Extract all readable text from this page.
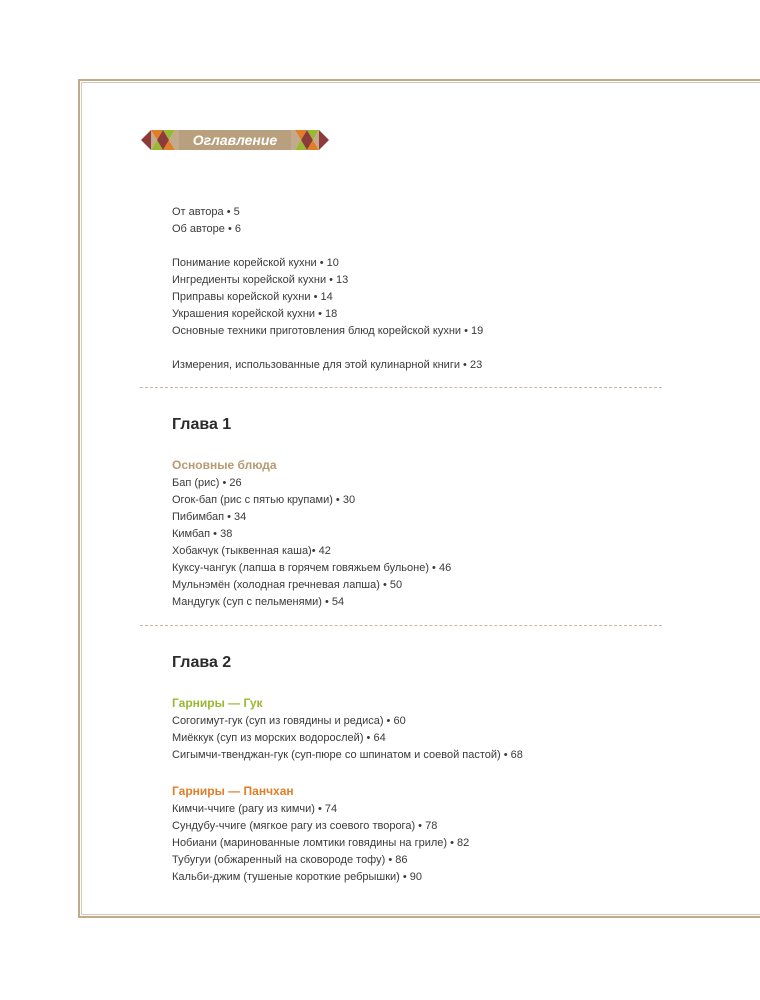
Оглавление
От автора • 5
Об авторе • 6
Понимание корейской кухни • 10
Ингредиенты корейской кухни • 13
Приправы корейской кухни • 14
Украшения корейской кухни • 18
Основные техники приготовления блюд корейской кухни • 19
Измерения, использованные для этой кулинарной книги • 23
Глава 1
Основные блюда
Бап (рис) • 26
Огок-бап (рис с пятью крупами) • 30
Пибимбап • 34
Кимбап • 38
Хобакчук (тыквенная каша)• 42
Куксу-чангук (лапша в горячем говяжьем бульоне) • 46
Мульнэмён (холодная гречневая лапша) • 50
Мандугук (суп с пельменями) • 54
Глава 2
Гарниры — Гук
Согогимут-гук (суп из говядины и редиса) • 60
Миёккук (суп из морских водорослей) • 64
Сигымчи-твенджан-гук (суп-пюре со шпинатом и соевой пастой) • 68
Гарниры — Панчхан
Кимчи-ччиге (рагу из кимчи) • 74
Сундубу-ччиге (мягкое рагу из соевого творога) • 78
Нобиани (маринованные ломтики говядины на гриле) • 82
Тубугуи (обжаренный на сковороде тофу) • 86
Кальби-джим (тушеные короткие ребрышки) • 90
